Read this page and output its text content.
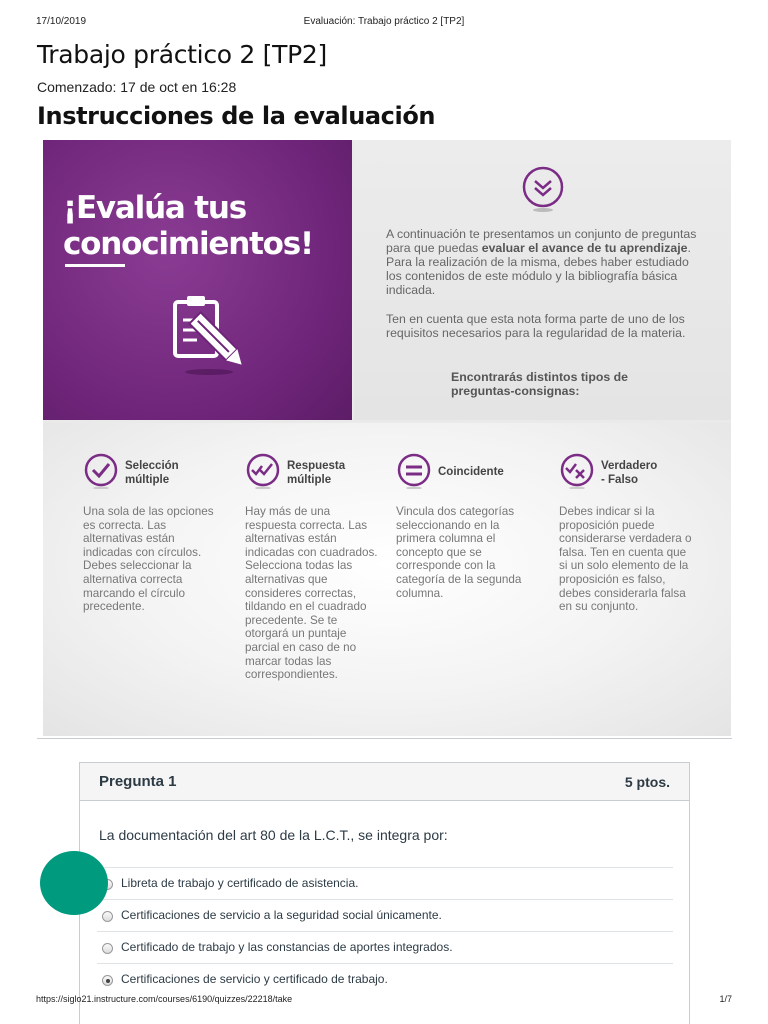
17/10/2019	Evaluación: Trabajo práctico 2 [TP2]
Trabajo práctico 2 [TP2]
Comenzado: 17 de oct en 16:28
Instrucciones de la evaluación
¡Evalúa tus
conocimientos!	A continuación te presentamos un conjunto de preguntas para que puedas evaluar el avance de tu aprendizaje. Para la realización de la misma, debes haber estudiado los contenidos de este módulo y la bibliografía básica indicada.
Ten en cuenta que esta nota forma parte de uno de los requisitos necesarios para la regularidad de la materia.
Encontrarás distintos tipos de preguntas-consignas:
Selección
múltiple
Una sola de las opciones es correcta. Las alternativas están indicadas con círculos. Debes seleccionar la alternativa correcta marcando el círculo precedente.
Respuesta
múltiple
Hay más de una respuesta correcta. Las alternativas están indicadas con cuadrados. Selecciona todas las alternativas que consideres correctas, tildando en el cuadrado precedente. Se te otorgará un puntaje parcial en caso de no marcar todas las correspondientes.
Coincidente
Vincula dos categorías seleccionando en la primera columna el concepto que se corresponde con la categoría de la segunda columna.
Verdadero
- Falso
Debes indicar si la proposición puede considerarse verdadera o falsa. Ten en cuenta que si un solo elemento de la proposición es falso, debes considerarla falsa en su conjunto.
Pregunta 1	5 ptos.
La documentación del art 80 de la L.C.T., se integra por:
Libreta de trabajo y certificado de asistencia.
Certificaciones de servicio a la seguridad social únicamente.
Certificado de trabajo y las constancias de aportes integrados.
Certificaciones de servicio y certificado de trabajo.
https://siglo21.instructure.com/courses/6190/quizzes/22218/take	1/7
